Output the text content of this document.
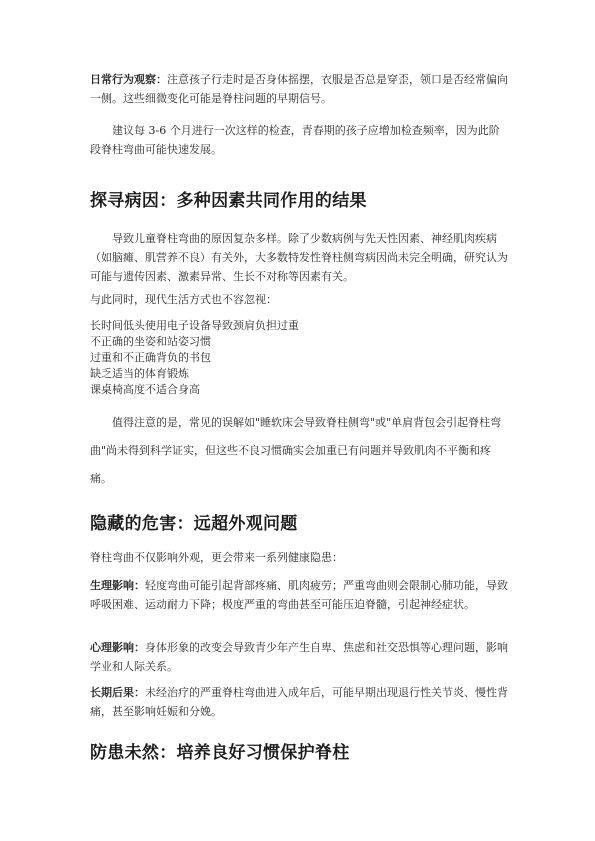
日常行为观察：注意孩子行走时是否身体摇摆，衣服是否总是穿歪，领口是否经常偏向一侧。这些细微变化可能是脊柱问题的早期信号。

建议每 3-6 个月进行一次这样的检查，青春期的孩子应增加检查频率，因为此阶段脊柱弯曲可能快速发展。

探寻病因：多种因素共同作用的结果

导致儿童脊柱弯曲的原因复杂多样。除了少数病例与先天性因素、神经肌肉疾病（如脑瘫、肌营养不良）有关外，大多数特发性脊柱侧弯病因尚未完全明确，研究认为可能与遗传因素、激素异常、生长不对称等因素有关。

与此同时，现代生活方式也不容忽视：

长时间低头使用电子设备导致颈肩负担过重
不正确的坐姿和站姿习惯
过重和不正确背负的书包
缺乏适当的体育锻炼
课桌椅高度不适合身高

值得注意的是，常见的误解如"睡软床会导致脊柱侧弯"或"单肩背包会引起脊柱弯曲"尚未得到科学证实，但这些不良习惯确实会加重已有问题并导致肌肉不平衡和疼痛。

隐藏的危害：远超外观问题

脊柱弯曲不仅影响外观，更会带来一系列健康隐患：

生理影响：轻度弯曲可能引起背部疼痛、肌肉疲劳；严重弯曲则会限制心肺功能，导致呼吸困难、运动耐力下降；极度严重的弯曲甚至可能压迫脊髓，引起神经症状。

心理影响：身体形象的改变会导致青少年产生自卑、焦虑和社交恐惧等心理问题，影响学业和人际关系。

长期后果：未经治疗的严重脊柱弯曲进入成年后，可能早期出现退行性关节炎、慢性背痛，甚至影响妊娠和分娩。

防患未然：培养良好习惯保护脊柱
